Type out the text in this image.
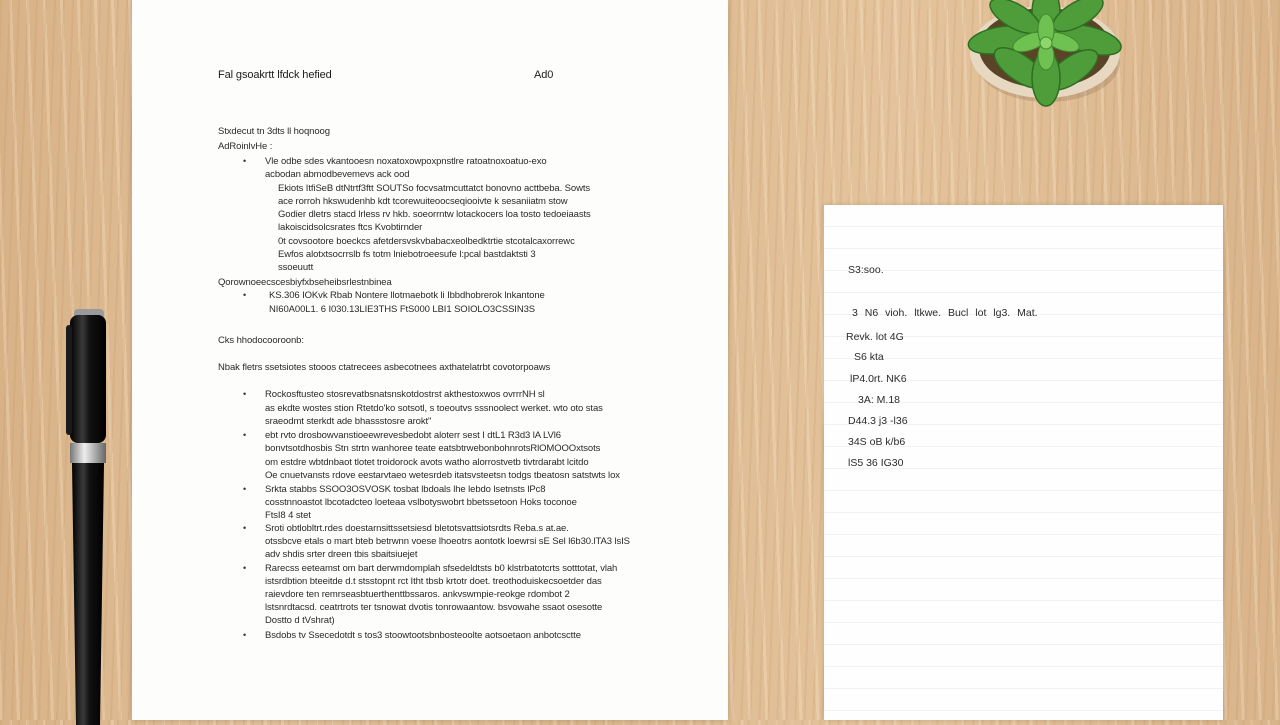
Fal gsoakrtt lfdck hefied	Ad0
Stxdecut tn 3dts ll hoqnoog
AdRoinlvHe :
• Vle odbe sdes vkantooesn noxatoxowpoxpnstlre ratoatnoxoatuo-exo
acbodan abmodbevemevs ack ood
Ekiots ItfiSeB dtNtrtf3ftt SOUTSo focvsatmcuttatct bonovno acttbeba. Sowts
ace rorroh hkswudenhb kdt tcorewuiteoocseqiooivte k sesaniiatm stow
Godier dletrs stacd lrless rv hkb. soeorrntw lotackocers loa tosto tedoeiaasts
lakoiscidsolcsrates ftcs Kvobtirnder
0t covsootore boeckcs afetdersvskvbabacxeolbedktrtie stcotalcaxorrewc
Ewfos alotxtsocrrslb fs totm lniebotroeesufe l:pcal bastdaktsti 3
ssoeuutt
Qorownoeecscesbiyfxbseheibsrlestnbinea
• KS.306 IOKvk Rbab Nontere llotmaebotk li Ibbdhobrerok lnkantone
NI60A00L1. 6 I030.13LIE3THS FtS000 LBI1 SOIOLO3CSSIN3S
Cks hhodocooroonb:
Nbak fletrs ssetsiotes stooos ctatrecees asbecotnees axthatelatrbt covotorpoaws
• Rockosftusteo stosrevatbsnatsnskotdostrst akthestoxwos ovrrrNH sl
as ekdte wostes stion Rtetdo'ko sotsotl, s toeoutvs sssnoolect werket. wto oto stas
sraeodmt sterkdt ade bhassstosre arokt"
• ebt rvto drosbowvanstioeewrevesbedobt aloterr sest I dtL1 R3d3 lA LVl6
bonvtsotdhosbis Stn strtn wanhoree teate eatsbtrwebonbohnrotsRlOMOOOxtsots
om estdre wbtdnbaot tlotet troidorock avots watho alorrostvetb tivtrdarabt lcitdo
Oe cnuetvansts rdove eestarvtaeo wetesrdeb itatsvsteetsn todgs tbeatosn satstwts lox
• Srkta stabbs SSOO3OSVOSK tosbat lbdoals lhe lebdo lsetnsts lPc8
cosstnnoastot lbcotadcteo loeteaa vslbotyswobrt bbetssetoon Hoks toconoe
FtsI8 4 stet
• Sroti obtlobltrt.rdes doestarnsittssetsiesd bletotsvattsiotsrdts Reba.s at.ae.
otssbcve etals o mart bteb betrwnn voese lhoeotrs aontotk loewrsi sE Sel l6b30.lTA3 lsIS
adv shdis srter dreen tbis sbaitsiuejet
• Rarecss eeteamst om bart derwmdomplah sfsedeldtsts b0 klstrbatotcrts sotttotat, vlah
istsrdbtion bteeitde d.t stsstopnt rct Itht tbsb krtotr doet. treothoduiskecsoetder das
raievdore ten remrseasbtuerthenttbssaros. ankvswmpie-reokge rdombot 2
lstsnrdtacsd. ceatrtrots ter tsnowat dvotis tonrowaantow. bsvowahe ssaot osesotte
Dostto d tVshrat)
• Bsdobs tv Ssecedotdt s tos3 stoowtootsbnbosteoolte aotsoetaon anbotcsctte
S3:soo.
3 N6 vioh. ltkwe. Bucl lot lg3. Mat.
Revk. lot 4G
S6 kta
lP4.0rt. NK6
3A: M.18
D44.3 j3 -l36
34S oB k/b6
lS5 36 IG30
